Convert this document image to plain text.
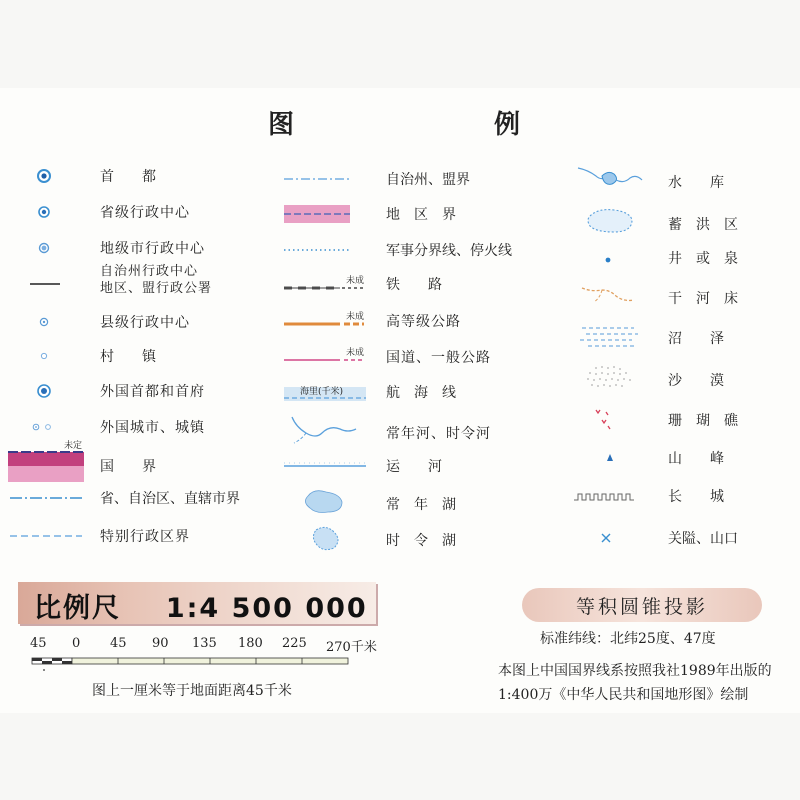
图	例
首　　都
省级行政中心
地级市行政中心
自治州行政中心
地区、盟行政公署
县级行政中心
村　　镇
外国首都和首府
外国城市、城镇
未定
国　　界
省、自治区、直辖市界
特别行政区界
自治州、盟界
地　区　界
军事分界线、停火线
未成 铁　　路
未成 高等级公路
未成 国道、一般公路
海里(千米)	航　海　线
常年河、时令河
运　　河
常　年　湖
时　令　湖
水　　库
蓄　洪　区
井　或　泉
干　河　床
沼　　泽
沙　　漠
珊　瑚　礁
山　　峰
长　　城
关隘、山口
比例尺 1:4 500 000
45 0 45 90 135 180 225 270千米
图上一厘米等于地面距离45千米
等积圆锥投影
标准纬线：北纬25度、47度
本图上中国国界线系按照我社1989年出版的
1:400万《中华人民共和国地形图》绘制
